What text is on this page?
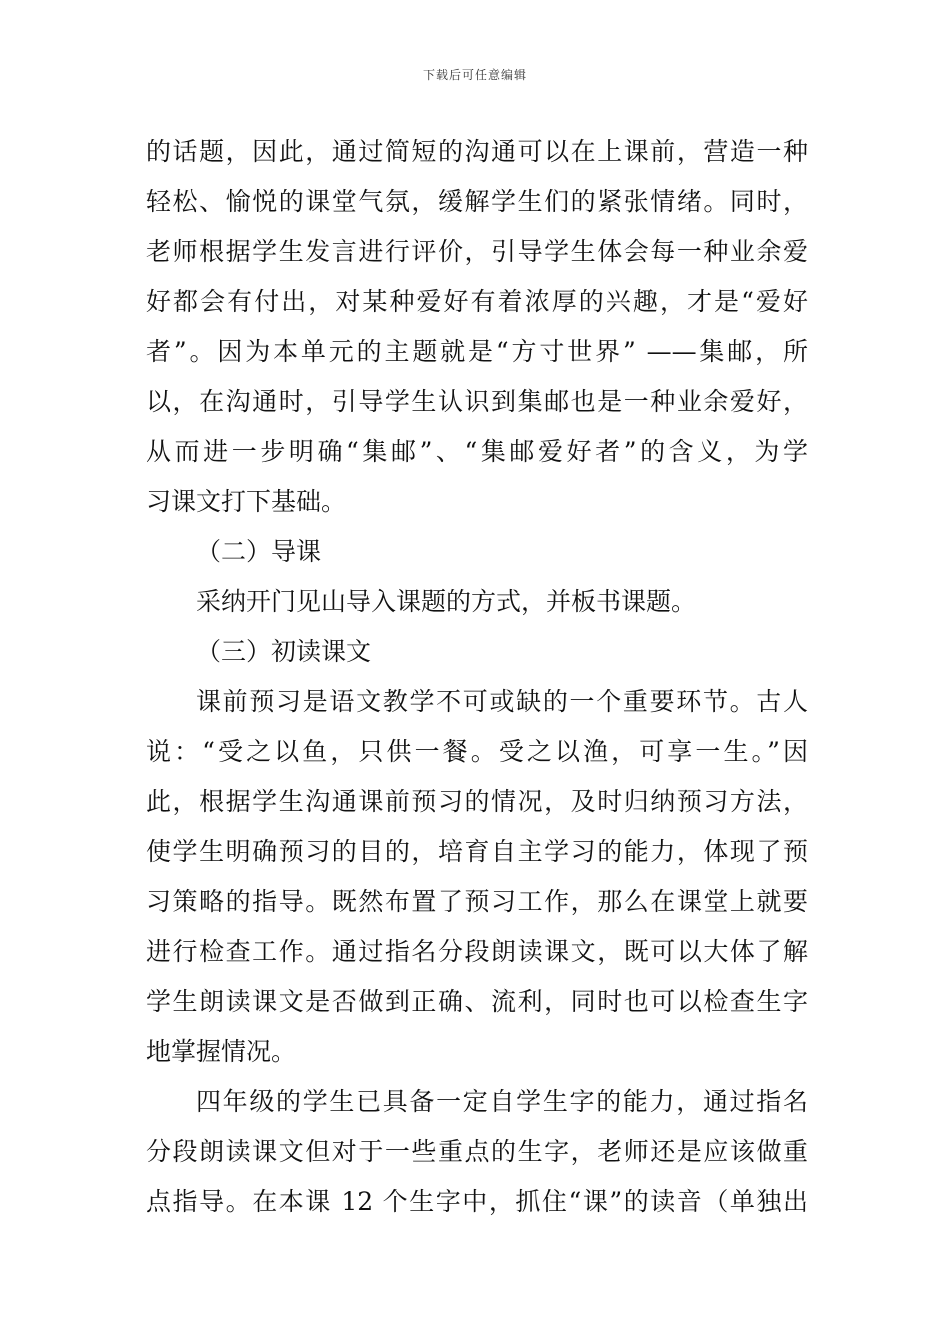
下载后可任意编辑
的话题，因此，通过简短的沟通可以在上课前，营造一种
轻松、愉悦的课堂气氛，缓解学生们的紧张情绪。同时，
老师根据学生发言进行评价，引导学生体会每一种业余爱
好都会有付出，对某种爱好有着浓厚的兴趣，才是“爱好
者”。因为本单元的主题就是“方寸世界” ——集邮，所
以，在沟通时，引导学生认识到集邮也是一种业余爱好，
从而进一步明确“集邮”、“集邮爱好者”的含义，为学
习课文打下基础。
（二）导课
采纳开门见山导入课题的方式，并板书课题。
（三）初读课文
课前预习是语文教学不可或缺的一个重要环节。古人
说：“受之以鱼，只供一餐。受之以渔，可享一生。”因
此，根据学生沟通课前预习的情况，及时归纳预习方法，
使学生明确预习的目的，培育自主学习的能力，体现了预
习策略的指导。既然布置了预习工作，那么在课堂上就要
进行检查工作。通过指名分段朗读课文，既可以大体了解
学生朗读课文是否做到正确、流利，同时也可以检查生字
地掌握情况。
四年级的学生已具备一定自学生字的能力，通过指名
分段朗读课文但对于一些重点的生字，老师还是应该做重
点指导。在本课 12 个生字中，抓住“课”的读音（单独出
